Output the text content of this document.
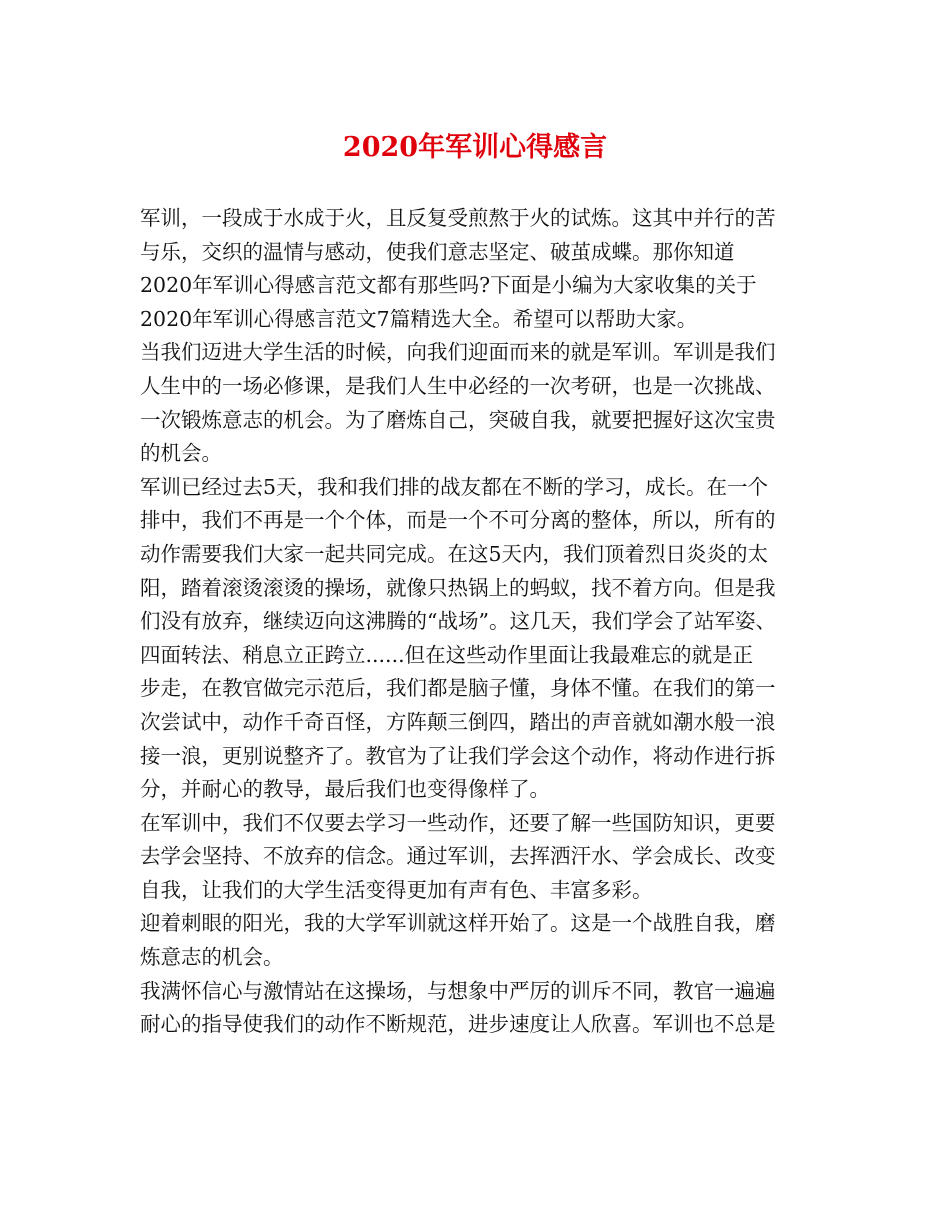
2020年军训心得感言
军训，一段成于水成于火，且反复受煎熬于火的试炼。这其中并行的苦
与乐，交织的温情与感动，使我们意志坚定、破茧成蝶。那你知道
2020年军训心得感言范文都有那些吗?下面是小编为大家收集的关于
2020年军训心得感言范文7篇精选大全。希望可以帮助大家。
当我们迈进大学生活的时候，向我们迎面而来的就是军训。军训是我们
人生中的一场必修课，是我们人生中必经的一次考研，也是一次挑战、
一次锻炼意志的机会。为了磨炼自己，突破自我，就要把握好这次宝贵
的机会。
军训已经过去5天，我和我们排的战友都在不断的学习，成长。在一个
排中，我们不再是一个个体，而是一个不可分离的整体，所以，所有的
动作需要我们大家一起共同完成。在这5天内，我们顶着烈日炎炎的太
阳，踏着滚烫滚烫的操场，就像只热锅上的蚂蚁，找不着方向。但是我
们没有放弃，继续迈向这沸腾的“战场”。这几天，我们学会了站军姿、
四面转法、稍息立正跨立......但在这些动作里面让我最难忘的就是正
步走，在教官做完示范后，我们都是脑子懂，身体不懂。在我们的第一
次尝试中，动作千奇百怪，方阵颠三倒四，踏出的声音就如潮水般一浪
接一浪，更别说整齐了。教官为了让我们学会这个动作，将动作进行拆
分，并耐心的教导，最后我们也变得像样了。
在军训中，我们不仅要去学习一些动作，还要了解一些国防知识，更要
去学会坚持、不放弃的信念。通过军训，去挥洒汗水、学会成长、改变
自我，让我们的大学生活变得更加有声有色、丰富多彩。
迎着刺眼的阳光，我的大学军训就这样开始了。这是一个战胜自我，磨
炼意志的机会。
我满怀信心与激情站在这操场，与想象中严厉的训斥不同，教官一遍遍
耐心的指导使我们的动作不断规范，进步速度让人欣喜。军训也不总是
